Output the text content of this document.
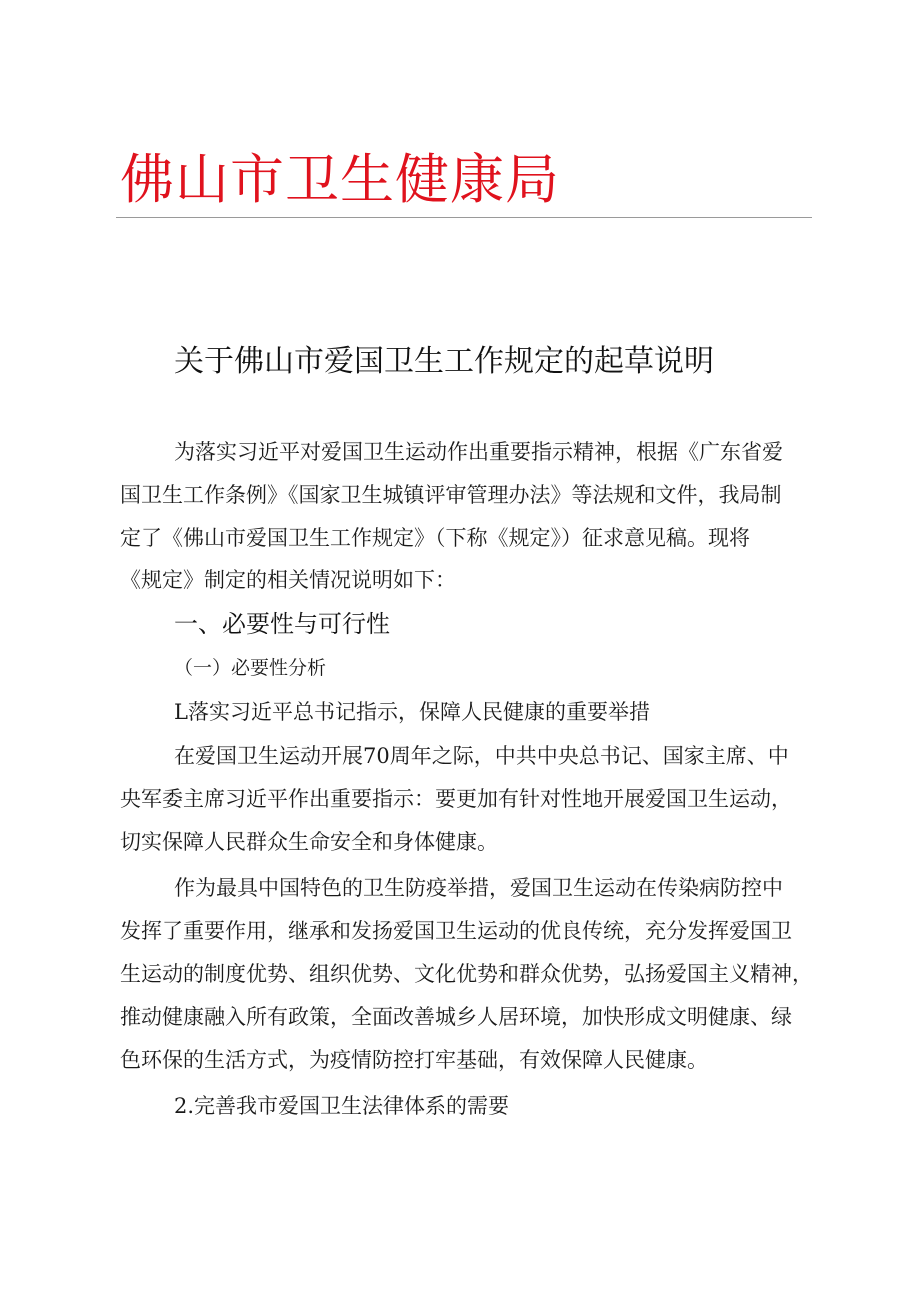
佛山市卫生健康局
关于佛山市爱国卫生工作规定的起草说明
为落实习近平对爱国卫生运动作出重要指示精神，根据《广东省爱
国卫生工作条例》《国家卫生城镇评审管理办法》等法规和文件，我局制
定了《佛山市爱国卫生工作规定》（下称《规定》）征求意见稿。现将
《规定》制定的相关情况说明如下：
一、必要性与可行性
（一）必要性分析
L落实习近平总书记指示，保障人民健康的重要举措
在爱国卫生运动开展70周年之际，中共中央总书记、国家主席、中
央军委主席习近平作出重要指示：要更加有针对性地开展爱国卫生运动，
切实保障人民群众生命安全和身体健康。
作为最具中国特色的卫生防疫举措，爱国卫生运动在传染病防控中
发挥了重要作用，继承和发扬爱国卫生运动的优良传统，充分发挥爱国卫
生运动的制度优势、组织优势、文化优势和群众优势，弘扬爱国主义精神，
推动健康融入所有政策，全面改善城乡人居环境，加快形成文明健康、绿
色环保的生活方式，为疫情防控打牢基础，有效保障人民健康。
2.完善我市爱国卫生法律体系的需要
